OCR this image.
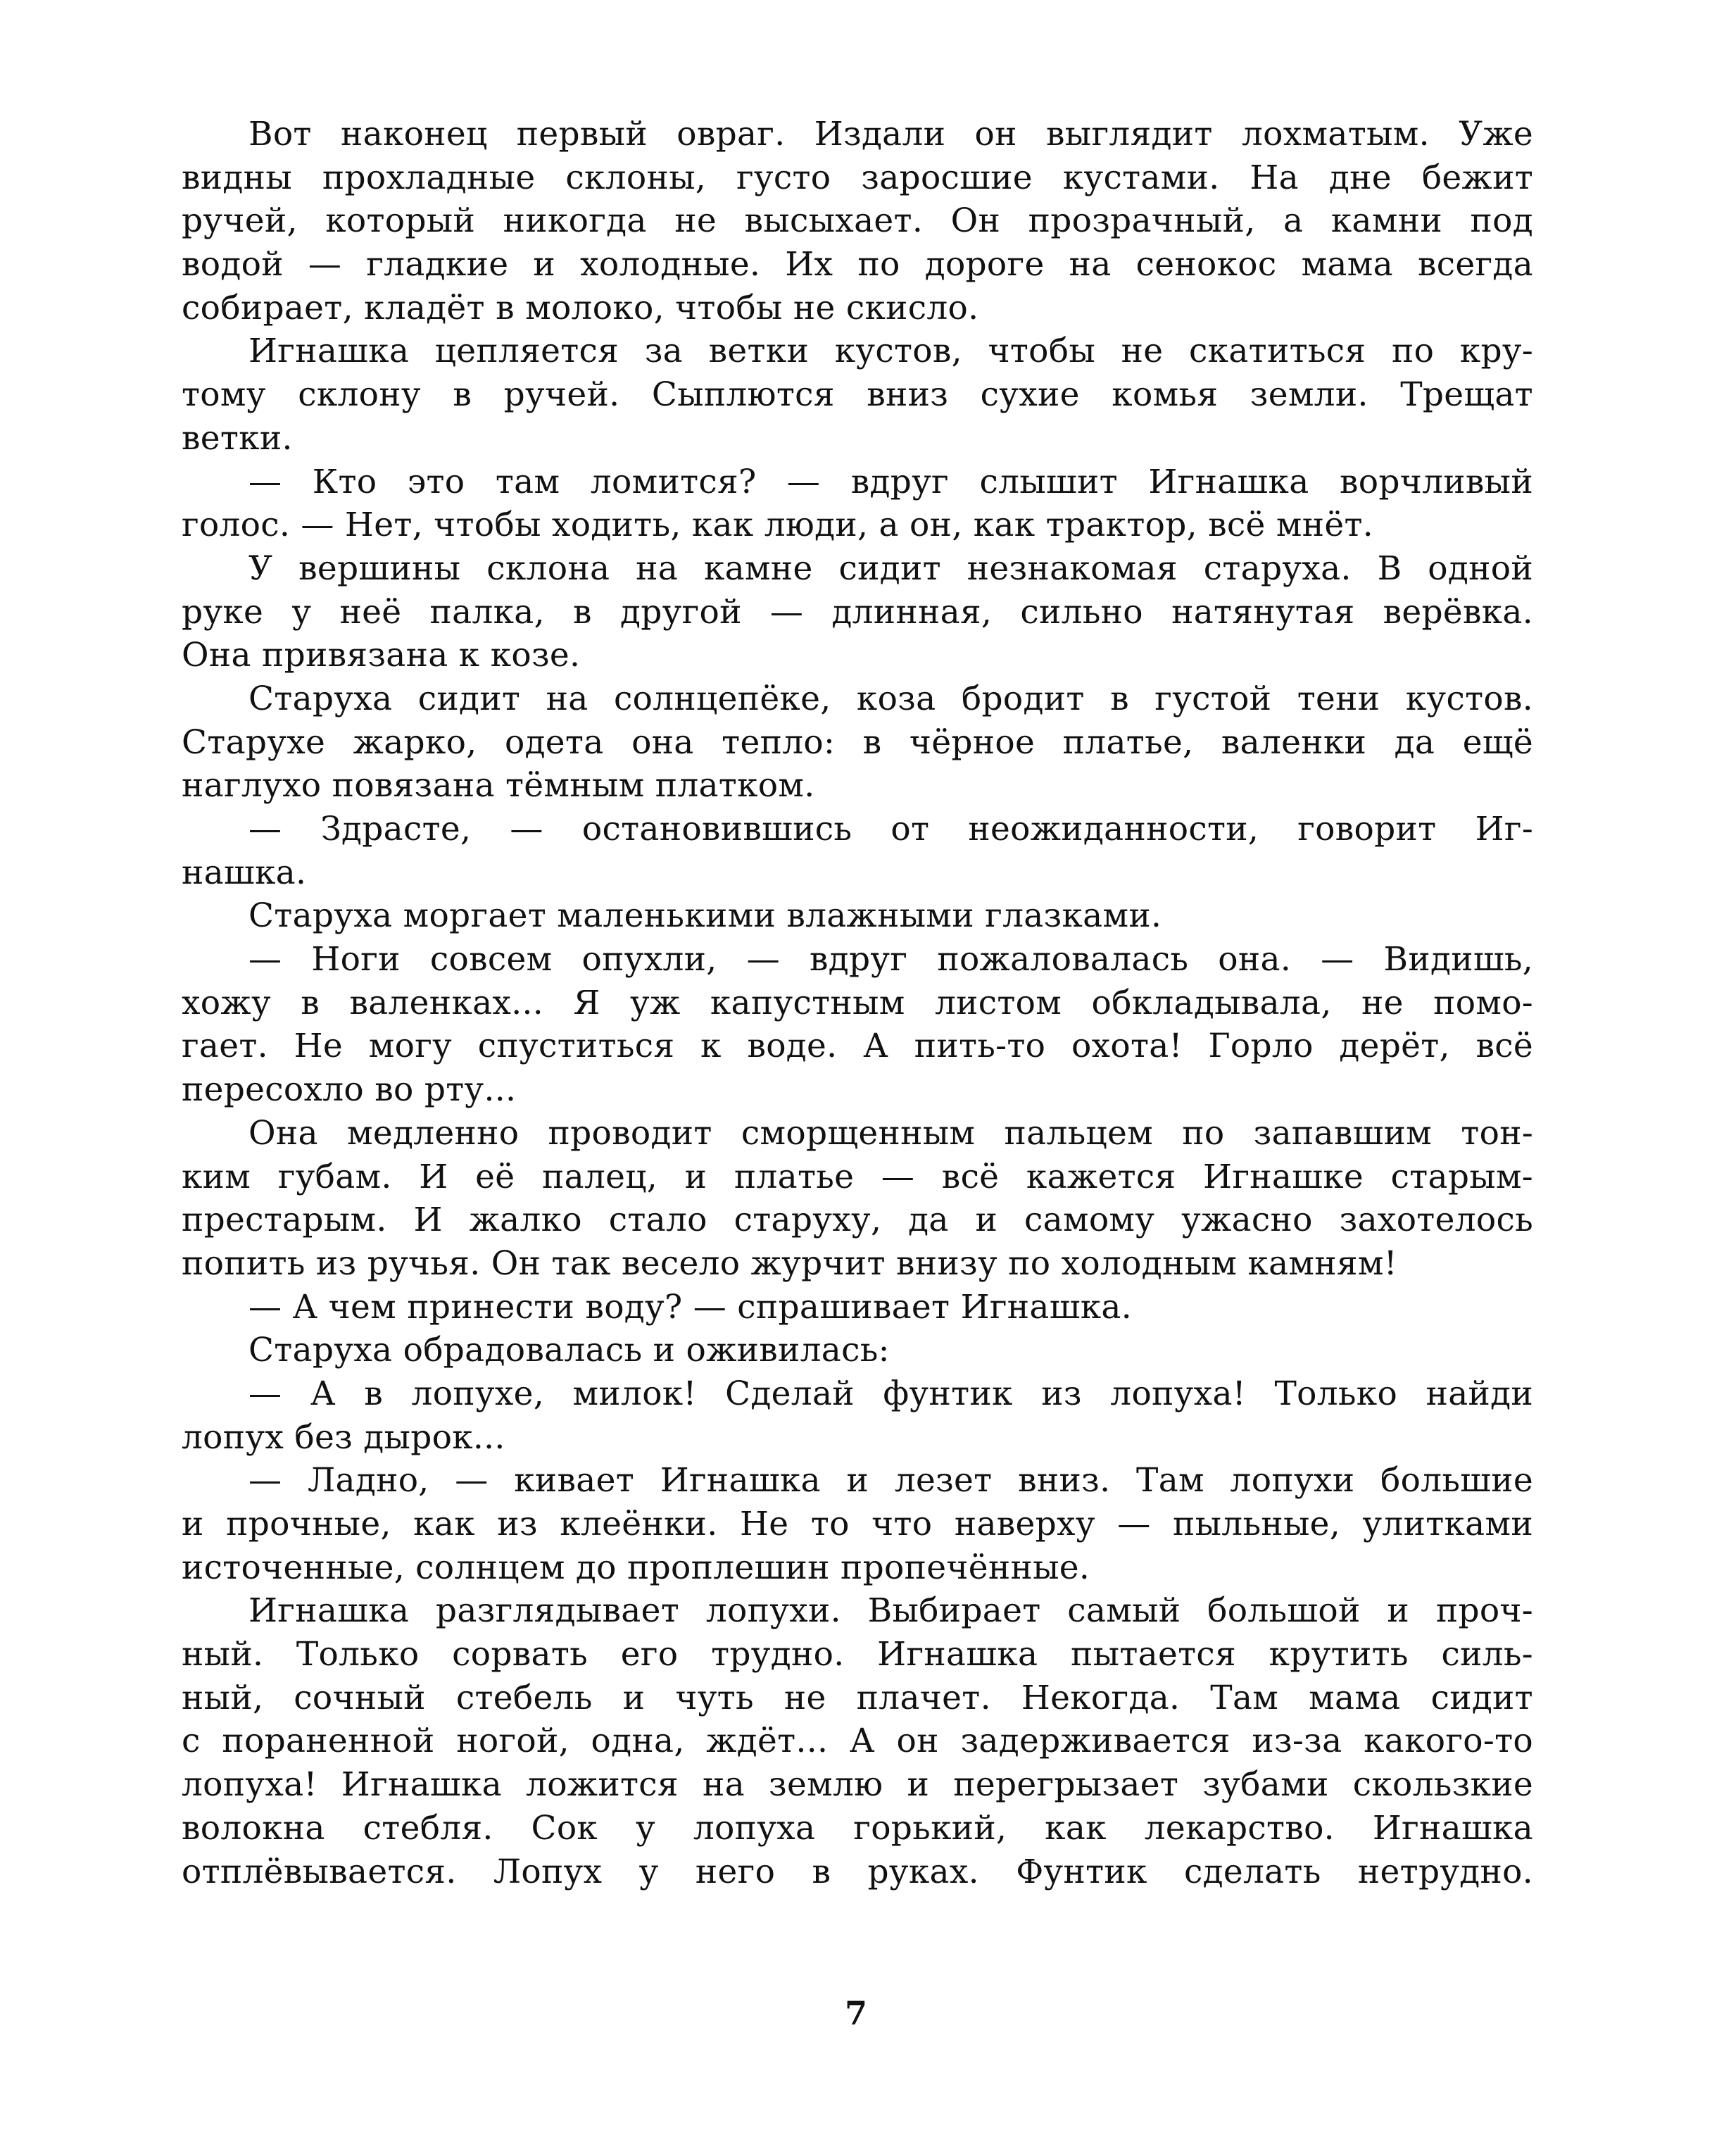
Вот наконец первый овраг. Издали он выглядит лохматым. Уже
видны прохладные склоны, густо заросшие кустами. На дне бежит
ручей, который никогда не высыхает. Он прозрачный, а камни под
водой — гладкие и холодные. Их по дороге на сенокос мама всегда
собирает, кладёт в молоко, чтобы не скисло.
Игнашка цепляется за ветки кустов, чтобы не скатиться по кру-
тому склону в ручей. Сыплются вниз сухие комья земли. Трещат
ветки.
— Кто это там ломится? — вдруг слышит Игнашка ворчливый
голос. — Нет, чтобы ходить, как люди, а он, как трактор, всё мнёт.
У вершины склона на камне сидит незнакомая старуха. В одной
руке у неё палка, в другой — длинная, сильно натянутая верёвка.
Она привязана к козе.
Старуха сидит на солнцепёке, коза бродит в густой тени кустов.
Старухе жарко, одета она тепло: в чёрное платье, валенки да ещё
наглухо повязана тёмным платком.
— Здрасте, — остановившись от неожиданности, говорит Иг-
нашка.
Старуха моргает маленькими влажными глазками.
— Ноги совсем опухли, — вдруг пожаловалась она. — Видишь,
хожу в валенках... Я уж капустным листом обкладывала, не помо-
гает. Не могу спуститься к воде. А пить-то охота! Горло дерёт, всё
пересохло во рту...
Она медленно проводит сморщенным пальцем по запавшим тон-
ким губам. И её палец, и платье — всё кажется Игнашке старым-
престарым. И жалко стало старуху, да и самому ужасно захотелось
попить из ручья. Он так весело журчит внизу по холодным камням!
— А чем принести воду? — спрашивает Игнашка.
Старуха обрадовалась и оживилась:
— А в лопухе, милок! Сделай фунтик из лопуха! Только найди
лопух без дырок...
— Ладно, — кивает Игнашка и лезет вниз. Там лопухи большие
и прочные, как из клеёнки. Не то что наверху — пыльные, улитками
источенные, солнцем до проплешин пропечённые.
Игнашка разглядывает лопухи. Выбирает самый большой и проч-
ный. Только сорвать его трудно. Игнашка пытается крутить силь-
ный, сочный стебель и чуть не плачет. Некогда. Там мама сидит
с пораненной ногой, одна, ждёт... А он задерживается из-за какого-то
лопуха! Игнашка ложится на землю и перегрызает зубами скользкие
волокна стебля. Сок у лопуха горький, как лекарство. Игнашка
отплёвывается. Лопух у него в руках. Фунтик сделать нетрудно.
7
